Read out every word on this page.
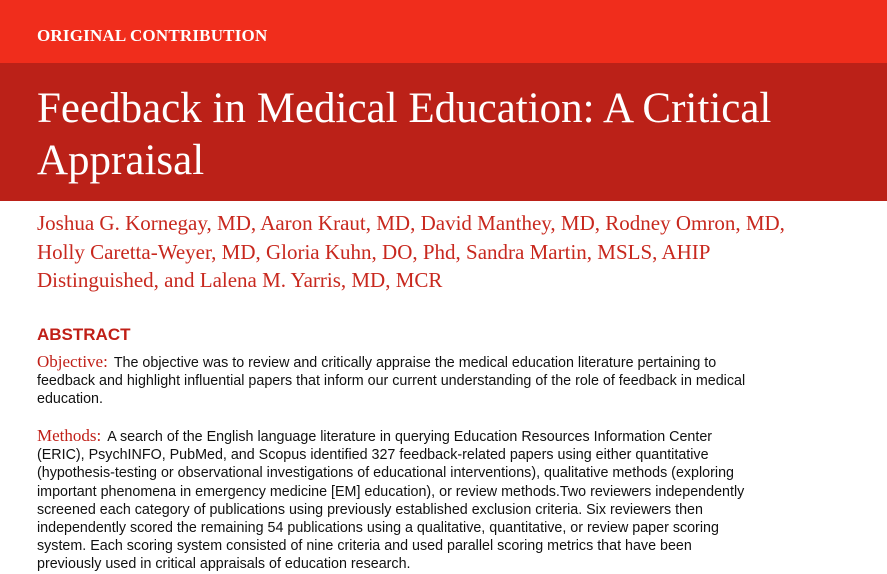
ORIGINAL CONTRIBUTION
Feedback in Medical Education: A Critical
Appraisal
Joshua G. Kornegay, MD, Aaron Kraut, MD, David Manthey, MD, Rodney Omron, MD,
Holly Caretta-Weyer, MD, Gloria Kuhn, DO, Phd, Sandra Martin, MSLS, AHIP
Distinguished, and Lalena M. Yarris, MD, MCR
ABSTRACT
Objective: The objective was to review and critically appraise the medical education literature pertaining to
feedback and highlight influential papers that inform our current understanding of the role of feedback in medical
education.
Methods: A search of the English language literature in querying Education Resources Information Center
(ERIC), PsychINFO, PubMed, and Scopus identified 327 feedback-related papers using either quantitative
(hypothesis-testing or observational investigations of educational interventions), qualitative methods (exploring
important phenomena in emergency medicine [EM] education), or review methods.Two reviewers independently
screened each category of publications using previously established exclusion criteria. Six reviewers then
independently scored the remaining 54 publications using a qualitative, quantitative, or review paper scoring
system. Each scoring system consisted of nine criteria and used parallel scoring metrics that have been
previously used in critical appraisals of education research.
